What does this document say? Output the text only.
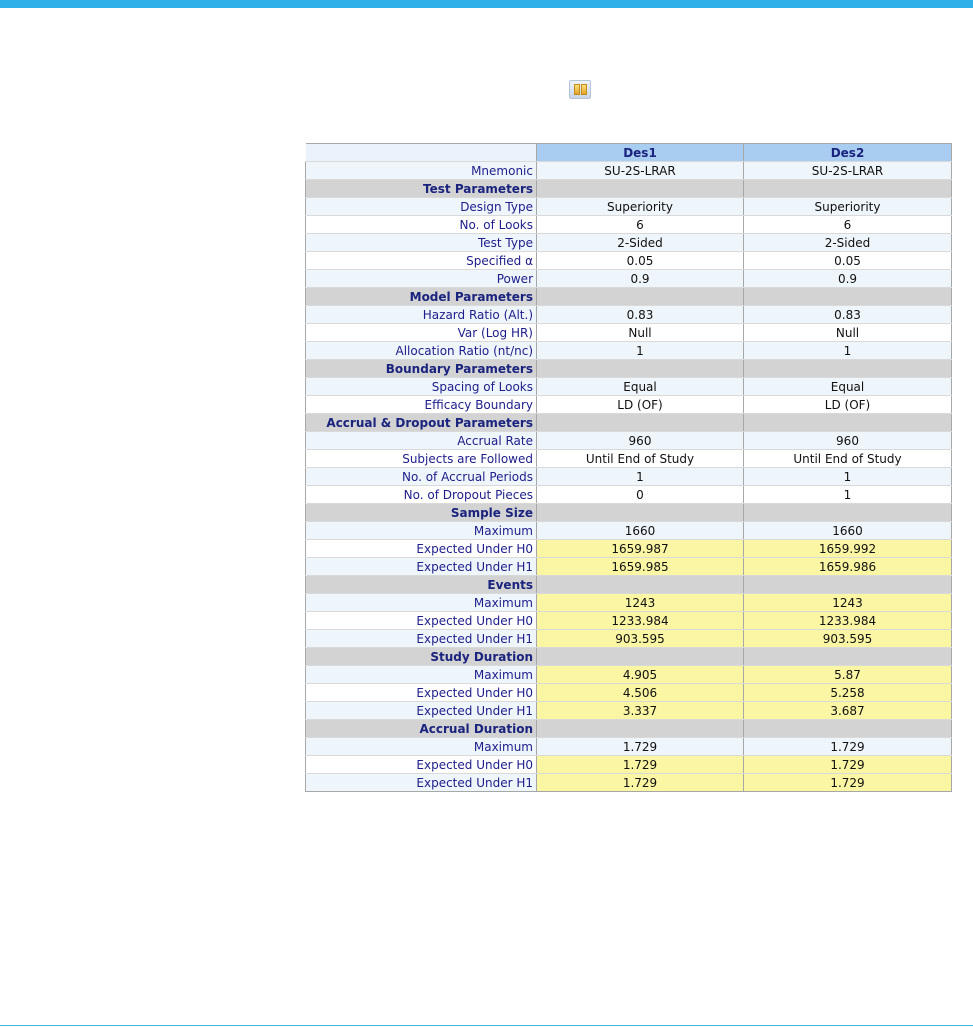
	Des1	Des2
Mnemonic	SU-2S-LRAR	SU-2S-LRAR
Test Parameters		
Design Type	Superiority	Superiority
No. of Looks	6	6
Test Type	2-Sided	2-Sided
Specified α	0.05	0.05
Power	0.9	0.9
Model Parameters		
Hazard Ratio (Alt.)	0.83	0.83
Var (Log HR)	Null	Null
Allocation Ratio (nt/nc)	1	1
Boundary Parameters		
Spacing of Looks	Equal	Equal
Efficacy Boundary	LD (OF)	LD (OF)
Accrual & Dropout Parameters		
Accrual Rate	960	960
Subjects are Followed	Until End of Study	Until End of Study
No. of Accrual Periods	1	1
No. of Dropout Pieces	0	1
Sample Size		
Maximum	1660	1660
Expected Under H0	1659.987	1659.992
Expected Under H1	1659.985	1659.986
Events		
Maximum	1243	1243
Expected Under H0	1233.984	1233.984
Expected Under H1	903.595	903.595
Study Duration		
Maximum	4.905	5.87
Expected Under H0	4.506	5.258
Expected Under H1	3.337	3.687
Accrual Duration		
Maximum	1.729	1.729
Expected Under H0	1.729	1.729
Expected Under H1	1.729	1.729
